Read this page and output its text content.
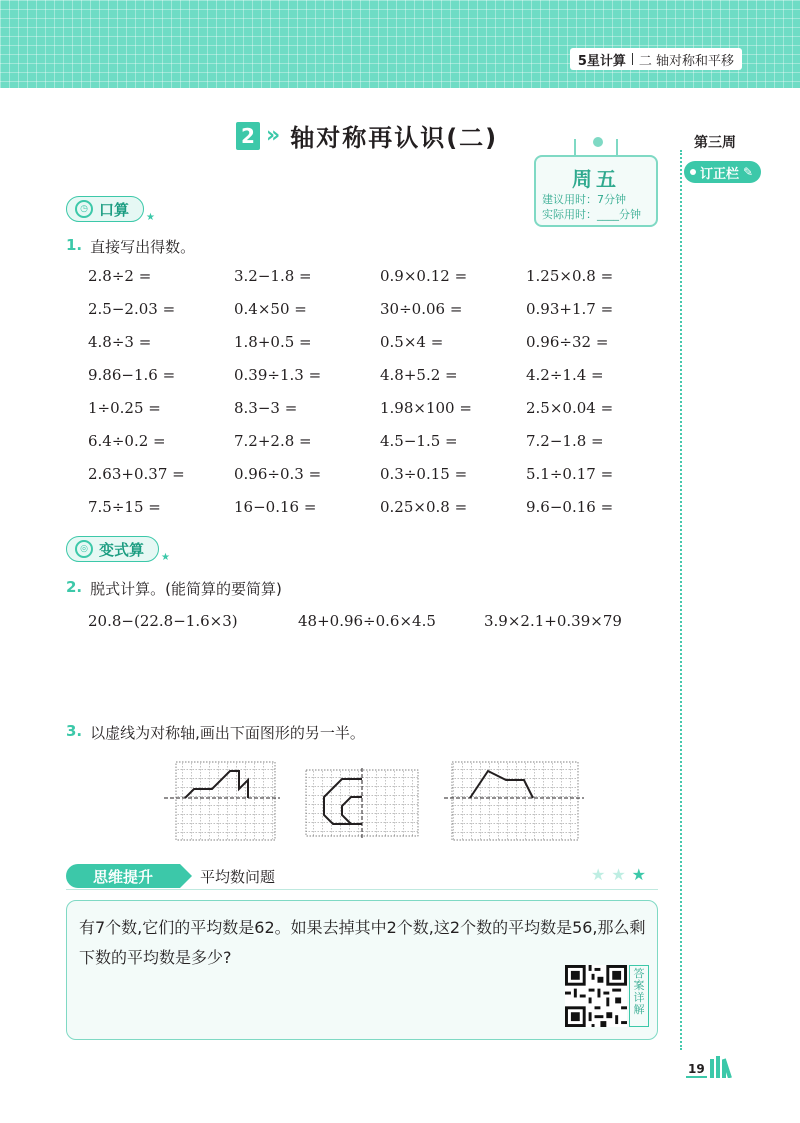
5星计算 二 轴对称和平移
第三周
订正栏 ✎
2 » 轴对称再认识(二)
周五
建议用时：7分钟
实际用时：____分钟
◷ 口算 ★
1. 直接写出得数。
2.8÷2 =	3.2−1.8 =	0.9×0.12 =	1.25×0.8 =
2.5−2.03 =	0.4×50 =	30÷0.06 =	0.93+1.7 =
4.8÷3 =	1.8+0.5 =	0.5×4 =	0.96÷32 =
9.86−1.6 =	0.39÷1.3 =	4.8+5.2 =	4.2÷1.4 =
1÷0.25 =	8.3−3 =	1.98×100 =	2.5×0.04 =
6.4÷0.2 =	7.2+2.8 =	4.5−1.5 =	7.2−1.8 =
2.63+0.37 =	0.96÷0.3 =	0.3÷0.15 =	5.1÷0.17 =
7.5÷15 =	16−0.16 =	0.25×0.8 =	9.6−0.16 =
◎ 变式算 ★
2. 脱式计算。(能简算的要简算)
20.8−(22.8−1.6×3)	48+0.96÷0.6×4.5	3.9×2.1+0.39×79
3. 以虚线为对称轴,画出下面图形的另一半。
思维提升	平均数问题	★★★
有7个数,它们的平均数是62。如果去掉其中2个数,这2个数的平均数是56,那么剩下数的平均数是多少?
答案详解
19
